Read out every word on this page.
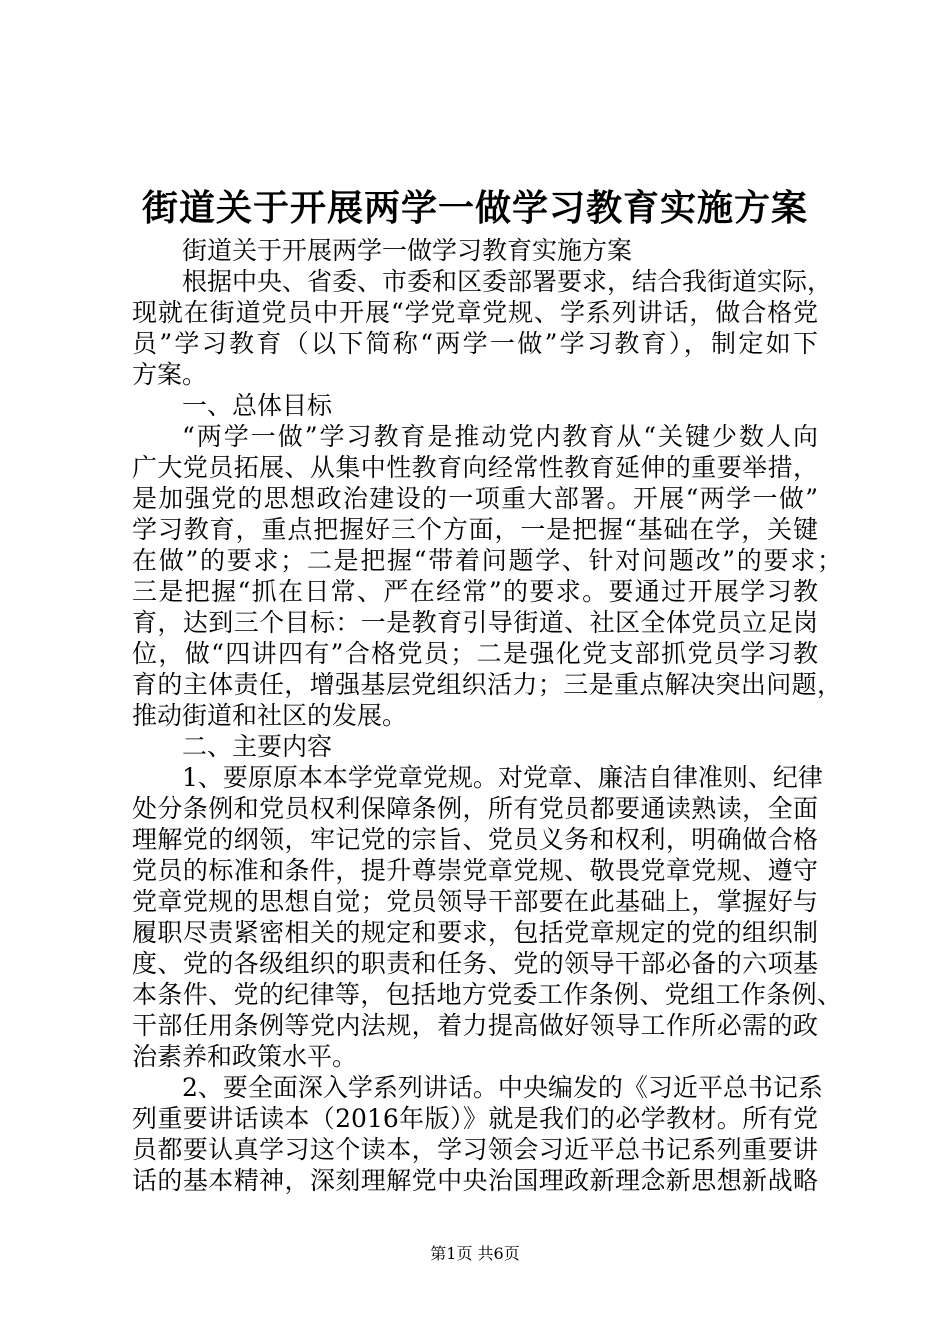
街道关于开展两学一做学习教育实施方案
街道关于开展两学一做学习教育实施方案
根据中央、省委、市委和区委部署要求，结合我街道实际，
现就在街道党员中开展“学党章党规、学系列讲话，做合格党
员”学习教育（以下简称“两学一做”学习教育），制定如下
方案。
一、总体目标
“两学一做”学习教育是推动党内教育从“关键少数人向
广大党员拓展、从集中性教育向经常性教育延伸的重要举措，
是加强党的思想政治建设的一项重大部署。开展“两学一做”
学习教育，重点把握好三个方面，一是把握“基础在学，关键
在做”的要求；二是把握“带着问题学、针对问题改”的要求；
三是把握“抓在日常、严在经常”的要求。要通过开展学习教
育，达到三个目标：一是教育引导街道、社区全体党员立足岗
位，做“四讲四有”合格党员；二是强化党支部抓党员学习教
育的主体责任，增强基层党组织活力；三是重点解决突出问题，
推动街道和社区的发展。
二、主要内容
1、要原原本本学党章党规。对党章、廉洁自律准则、纪律
处分条例和党员权利保障条例，所有党员都要通读熟读，全面
理解党的纲领，牢记党的宗旨、党员义务和权利，明确做合格
党员的标准和条件，提升尊崇党章党规、敬畏党章党规、遵守
党章党规的思想自觉；党员领导干部要在此基础上，掌握好与
履职尽责紧密相关的规定和要求，包括党章规定的党的组织制
度、党的各级组织的职责和任务、党的领导干部必备的六项基
本条件、党的纪律等，包括地方党委工作条例、党组工作条例、
干部任用条例等党内法规，着力提高做好领导工作所必需的政
治素养和政策水平。
2、要全面深入学系列讲话。中央编发的《习近平总书记系
列重要讲话读本（2016年版）》就是我们的必学教材。所有党
员都要认真学习这个读本，学习领会习近平总书记系列重要讲
话的基本精神，深刻理解党中央治国理政新理念新思想新战略
第1页 共6页
